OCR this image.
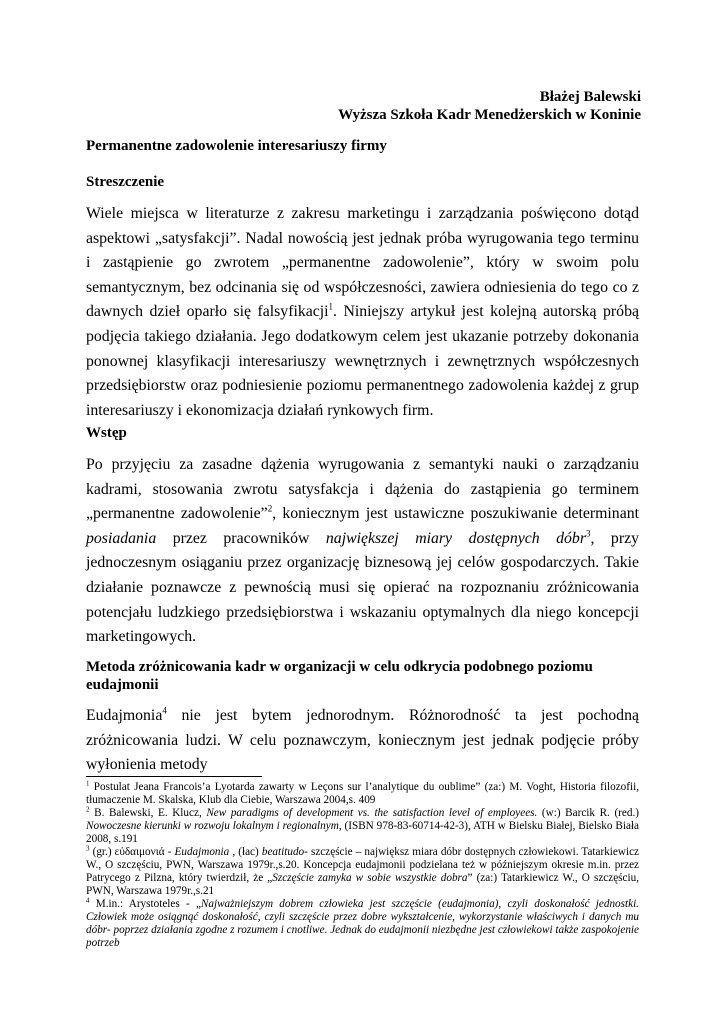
Błażej Balewski
Wyższa Szkoła Kadr Menedżerskich w Koninie
Permanentne zadowolenie interesariuszy firmy
Streszczenie
Wiele miejsca w literaturze z zakresu marketingu i zarządzania poświęcono dotąd aspektowi „satysfakcji”. Nadal nowością jest jednak próba wyrugowania tego terminu i zastąpienie go zwrotem „permanentne zadowolenie”, który w swoim polu semantycznym, bez odcinania się od współczesności, zawiera odniesienia do tego co z dawnych dzieł oparło się falsyfikacji$^1$. Niniejszy artykuł jest kolejną autorską próbą podjęcia takiego działania. Jego dodatkowym celem jest ukazanie potrzeby dokonania ponownej klasyfikacji interesariuszy wewnętrznych i zewnętrznych współczesnych przedsiębiorstw oraz podniesienie poziomu permanentnego zadowolenia każdej z grup interesariuszy i ekonomizacja działań rynkowych firm.
Wstęp
Po przyjęciu za zasadne dążenia wyrugowania z semantyki nauki o zarządzaniu kadrami, stosowania zwrotu satysfakcja i dążenia do zastąpienia go terminem „permanentne zadowolenie”$^2$, koniecznym jest ustawiczne poszukiwanie determinant posiadania przez pracowników największej miary dostępnych dóbr$^3$, przy jednoczesnym osiąganiu przez organizację biznesową jej celów gospodarczych. Takie działanie poznawcze z pewnością musi się opierać na rozpoznaniu zróżnicowania potencjału ludzkiego przedsiębiorstwa i wskazaniu optymalnych dla niego koncepcji marketingowych.
Metoda zróżnicowania kadr w organizacji w celu odkrycia podobnego poziomu eudajmonii
Eudajmonia$^4$ nie jest bytem jednorodnym. Różnorodność ta jest pochodną zróżnicowania ludzi. W celu poznawczym, koniecznym jest jednak podjęcie próby wyłonienia metody

$^1$ Postulat Jeana Francois’a Lyotarda zawarty w Leçons sur l’analytique du oublime” (za:) M. Voght, Historia filozofii, tłumaczenie M. Skalska, Klub dla Ciebie, Warszawa 2004,s. 409

$^2$ B. Balewski, E. Klucz, New paradigms of development vs. the satisfaction level of employees. (w:) Barcik R. (red.) Nowoczesne kierunki w rozwoju lokalnym i regionalnym, (ISBN 978-83-60714-42-3), ATH w Bielsku Białej, Bielsko Biała 2008, s.191

$^3$ (gr.) εὐδαιμονιά - Eudajmonia , (łac) beatitudo- szczęście – największ miara dóbr dostępnych człowiekowi. Tatarkiewicz W., O szczęściu, PWN, Warszawa 1979r.,s.20. Koncepcja eudajmonii podzielana też w późniejszym okresie m.in. przez Patrycego z Pilzna, który twierdził, że „Szczęście zamyka w sobie wszystkie dobra” (za:) Tatarkiewicz W., O szczęściu, PWN, Warszawa 1979r.,s.21

$^4$ M.in.: Arystoteles - „Najważniejszym dobrem człowieka jest szczęście (eudajmonia), czyli doskonałość jednostki. Człowiek może osiągnąć doskonałość, czyli szczęście przez dobre wykształcenie, wykorzystanie właściwych i danych mu dóbr- poprzez działania zgodne z rozumem i cnotliwe. Jednak do eudajmonii niezbędne jest człowiekowi także zaspokojenie potrzeb
